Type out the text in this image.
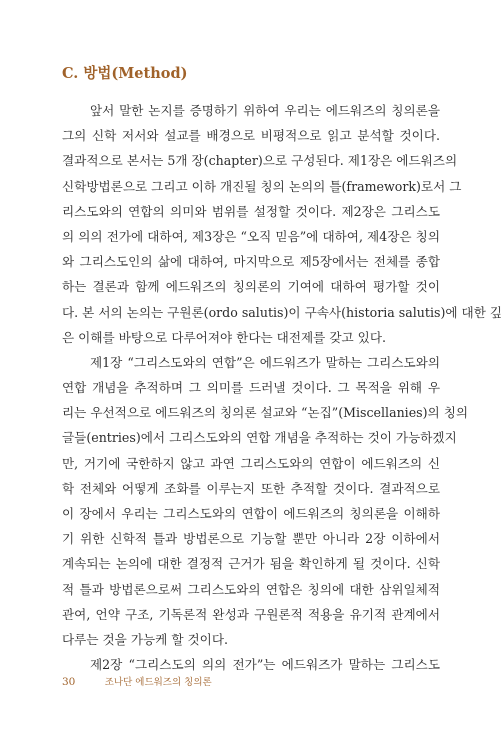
C. 방법(Method)
앞서 말한 논지를 증명하기 위하여 우리는 에드워즈의 칭의론을
그의 신학 저서와 설교를 배경으로 비평적으로 읽고 분석할 것이다.
결과적으로 본서는 5개 장(chapter)으로 구성된다. 제1장은 에드워즈의
신학방법론으로 그리고 이하 개진될 칭의 논의의 틀(framework)로서 그
리스도와의 연합의 의미와 범위를 설정할 것이다. 제2장은 그리스도
의 의의 전가에 대하여, 제3장은 “오직 믿음”에 대하여, 제4장은 칭의
와 그리스도인의 삶에 대하여, 마지막으로 제5장에서는 전체를 종합
하는 결론과 함께 에드워즈의 칭의론의 기여에 대하여 평가할 것이
다. 본 서의 논의는 구원론(ordo salutis)이 구속사(historia salutis)에 대한 깊
은 이해를 바탕으로 다루어져야 한다는 대전제를 갖고 있다.
제1장 “그리스도와의 연합”은 에드워즈가 말하는 그리스도와의
연합 개념을 추적하며 그 의미를 드러낼 것이다. 그 목적을 위해 우
리는 우선적으로 에드워즈의 칭의론 설교와 “논집”(Miscellanies)의 칭의
글들(entries)에서 그리스도와의 연합 개념을 추적하는 것이 가능하겠지
만, 거기에 국한하지 않고 과연 그리스도와의 연합이 에드워즈의 신
학 전체와 어떻게 조화를 이루는지 또한 추적할 것이다. 결과적으로
이 장에서 우리는 그리스도와의 연합이 에드워즈의 칭의론을 이해하
기 위한 신학적 틀과 방법론으로 기능할 뿐만 아니라 2장 이하에서
계속되는 논의에 대한 결정적 근거가 됨을 확인하게 될 것이다. 신학
적 틀과 방법론으로써 그리스도와의 연합은 칭의에 대한 삼위일체적
관여, 언약 구조, 기독론적 완성과 구원론적 적용을 유기적 관계에서
다루는 것을 가능케 할 것이다.
제2장 “그리스도의 의의 전가”는 에드워즈가 말하는 그리스도
30	조나단 에드워즈의 칭의론
